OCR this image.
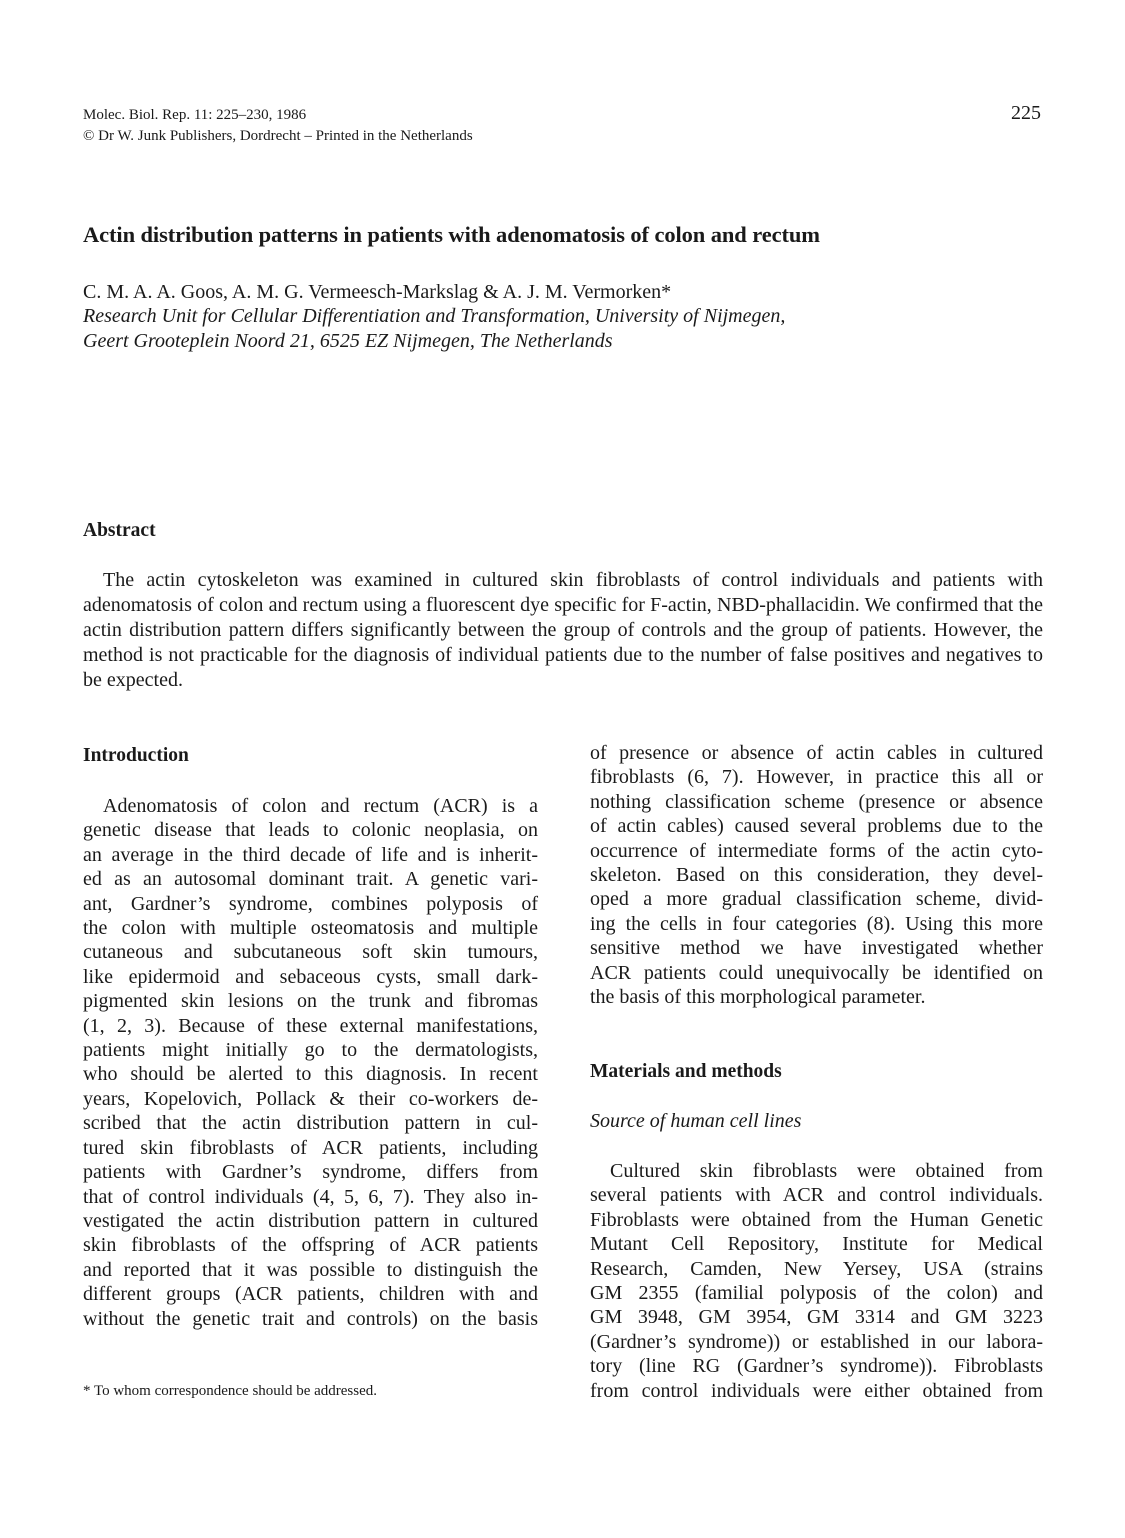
Molec. Biol. Rep. 11: 225–230, 1986
© Dr W. Junk Publishers, Dordrecht – Printed in the Netherlands
225
Actin distribution patterns in patients with adenomatosis of colon and rectum
C. M. A. A. Goos, A. M. G. Vermeesch-Markslag & A. J. M. Vermorken*
Research Unit for Cellular Differentiation and Transformation, University of Nijmegen,
Geert Grooteplein Noord 21, 6525 EZ Nijmegen, The Netherlands
Abstract
The actin cytoskeleton was examined in cultured skin fibroblasts of control individuals and patients with adenomatosis of colon and rectum using a fluorescent dye specific for F-actin, NBD-phallacidin. We confirmed that the actin distribution pattern differs significantly between the group of controls and the group of patients. However, the method is not practicable for the diagnosis of individual patients due to the number of false positives and negatives to be expected.
Introduction
Adenomatosis of colon and rectum (ACR) is a
genetic disease that leads to colonic neoplasia, on
an average in the third decade of life and is inherit-
ed as an autosomal dominant trait. A genetic vari-
ant, Gardner’s syndrome, combines polyposis of
the colon with multiple osteomatosis and multiple
cutaneous and subcutaneous soft skin tumours,
like epidermoid and sebaceous cysts, small dark-
pigmented skin lesions on the trunk and fibromas
(1, 2, 3). Because of these external manifestations,
patients might initially go to the dermatologists,
who should be alerted to this diagnosis. In recent
years, Kopelovich, Pollack & their co-workers de-
scribed that the actin distribution pattern in cul-
tured skin fibroblasts of ACR patients, including
patients with Gardner’s syndrome, differs from
that of control individuals (4, 5, 6, 7). They also in-
vestigated the actin distribution pattern in cultured
skin fibroblasts of the offspring of ACR patients
and reported that it was possible to distinguish the
different groups (ACR patients, children with and
without the genetic trait and controls) on the basis
of presence or absence of actin cables in cultured
fibroblasts (6, 7). However, in practice this all or
nothing classification scheme (presence or absence
of actin cables) caused several problems due to the
occurrence of intermediate forms of the actin cyto-
skeleton. Based on this consideration, they devel-
oped a more gradual classification scheme, divid-
ing the cells in four categories (8). Using this more
sensitive method we have investigated whether
ACR patients could unequivocally be identified on
the basis of this morphological parameter.
Materials and methods
Source of human cell lines
Cultured skin fibroblasts were obtained from
several patients with ACR and control individuals.
Fibroblasts were obtained from the Human Genetic
Mutant Cell Repository, Institute for Medical
Research, Camden, New Yersey, USA (strains
GM 2355 (familial polyposis of the colon) and
GM 3948, GM 3954, GM 3314 and GM 3223
(Gardner’s syndrome)) or established in our labora-
tory (line RG (Gardner’s syndrome)). Fibroblasts
from control individuals were either obtained from
* To whom correspondence should be addressed.
